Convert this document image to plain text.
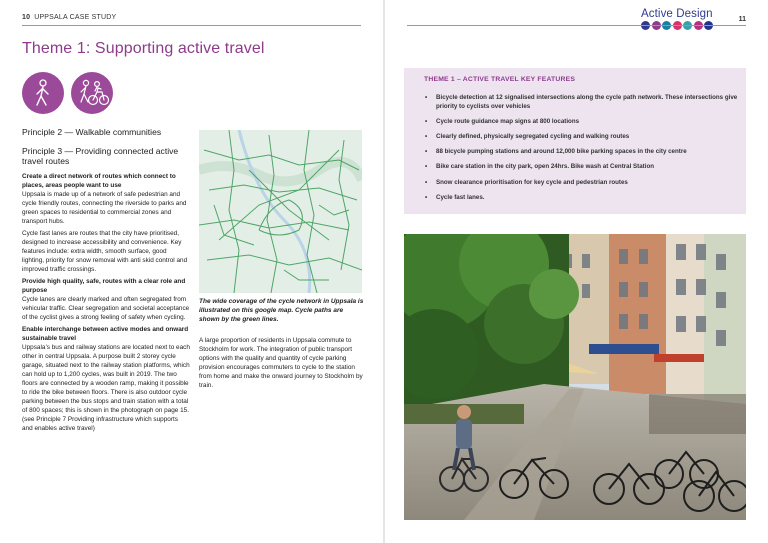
10 UPPSALA CASE STUDY
Theme 1: Supporting active travel
Principle 2 — Walkable communities
Principle 3 — Providing connected active travel routes
Create a direct network of routes which connect to places, areas people want to use

Uppsala is made up of a network of safe pedestrian and cycle friendly routes, connecting the riverside to parks and green spaces to residential to commercial zones and transport hubs.

Cycle fast lanes are routes that the city have prioritised, designed to increase accessibility and convenience. Key features include: extra width, smooth surface, good lighting, priority for snow removal with anti skid control and improved traffic crossings.

Provide high quality, safe, routes with a clear role and purpose

Cycle lanes are clearly marked and often segregated from vehicular traffic. Clear segregation and societal acceptance of the cyclist gives a strong feeling of safety when cycling.

Enable interchange between active modes and onward sustainable travel

Uppsala’s bus and railway stations are located next to each other in central Uppsala. A purpose built 2 storey cycle garage, situated next to the railway station platforms, which can hold up to 1,200 cycles, was built in 2019. The two floors are connected by a wooden ramp, making it possible to ride the bike between floors. There is also outdoor cycle parking between the bus stops and train station with a total of 800 spaces; this is shown in the photograph on page 15.

(see Principle 7 Providing infrastructure which supports and enables active travel)

The wide coverage of the cycle network in Uppsala is illustrated on this google map. Cycle paths are shown by the green lines.

A large proportion of residents in Uppsala commute to Stockholm for work. The integration of public transport options with the quality and quantity of cycle parking provision encourages commuters to cycle to the station from home and make the onward journey to Stockholm by train.

Active Design	11
THEME 1 – ACTIVE TRAVEL KEY FEATURES
• Bicycle detection at 12 signalised intersections along the cycle path network. These intersections give priority to cyclists over vehicles
• Cycle route guidance map signs at 800 locations
• Clearly defined, physically segregated cycling and walking routes
• 88 bicycle pumping stations and around 12,000 bike parking spaces in the city centre
• Bike care station in the city park, open 24hrs. Bike wash at Central Station
• Snow clearance prioritisation for key cycle and pedestrian routes
• Cycle fast lanes.
